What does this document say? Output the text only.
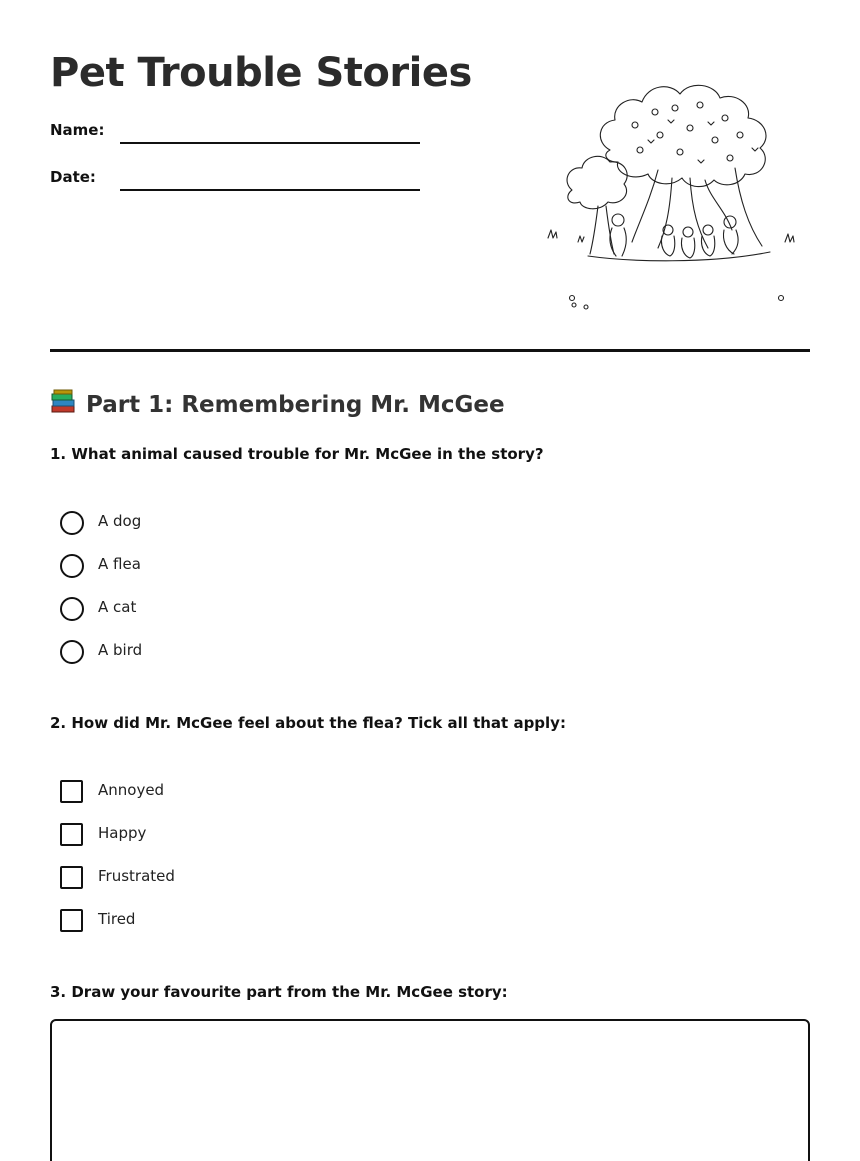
Pet Trouble Stories
Name:
Date:
Part 1: Remembering Mr. McGee
1. What animal caused trouble for Mr. McGee in the story?
A dog
A flea
A cat
A bird
2. How did Mr. McGee feel about the flea? Tick all that apply:
Annoyed
Happy
Frustrated
Tired
3. Draw your favourite part from the Mr. McGee story:
